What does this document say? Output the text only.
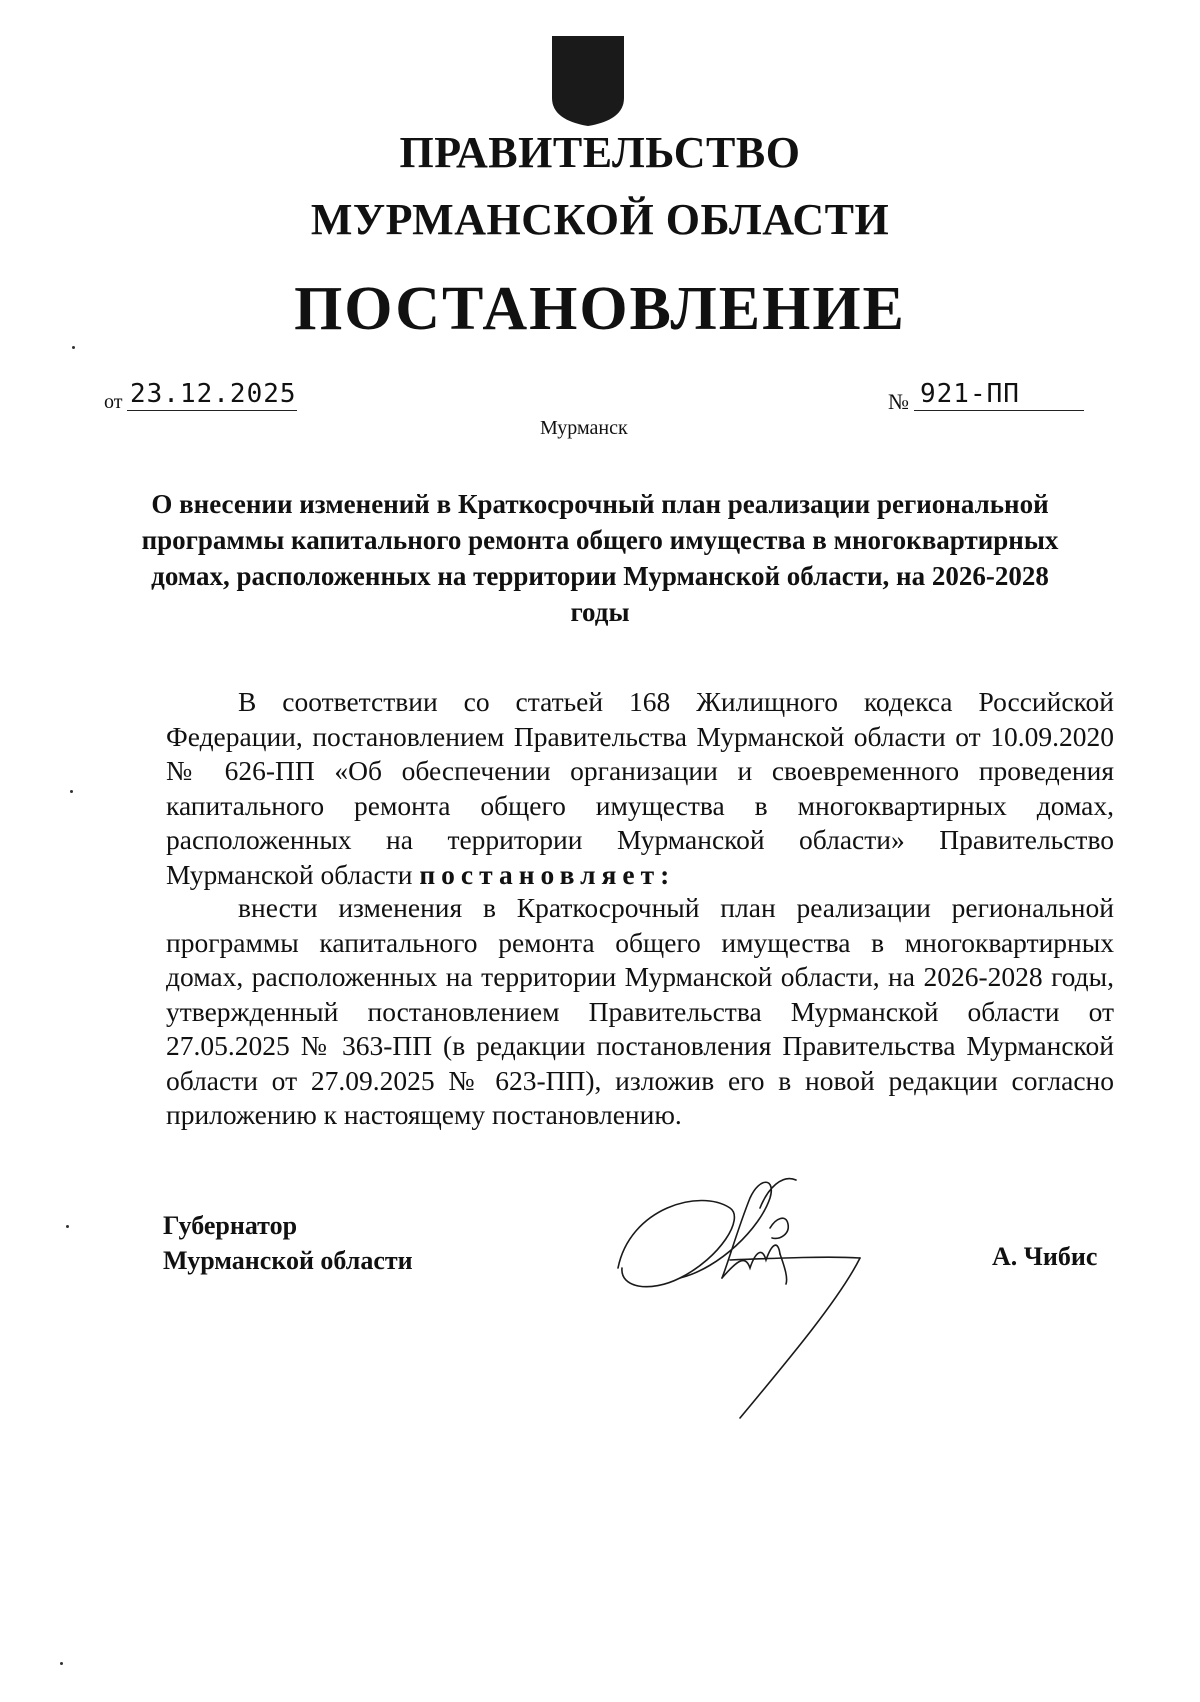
ПРАВИТЕЛЬСТВО
МУРМАНСКОЙ ОБЛАСТИ
ПОСТАНОВЛЕНИЕ
от 23.12.2025	№ 921-ПП
Мурманск
О внесении изменений в Краткосрочный план реализации региональной программы капитального ремонта общего имущества в многоквартирных домах, расположенных на территории Мурманской области, на 2026-2028 годы

В соответствии со статьей 168 Жилищного кодекса Российской Федерации, постановлением Правительства Мурманской области от 10.09.2020 № 626-ПП «Об обеспечении организации и своевременного проведения капитального ремонта общего имущества в многоквартирных домах, расположенных на территории Мурманской области» Правительство Мурманской области постановляет:

внести изменения в Краткосрочный план реализации региональной программы капитального ремонта общего имущества в многоквартирных домах, расположенных на территории Мурманской области, на 2026-2028 годы, утвержденный постановлением Правительства Мурманской области от 27.05.2025 № 363-ПП (в редакции постановления Правительства Мурманской области от 27.09.2025 № 623-ПП), изложив его в новой редакции согласно приложению к настоящему постановлению.

Губернатор
Мурманской области	А. Чибис
